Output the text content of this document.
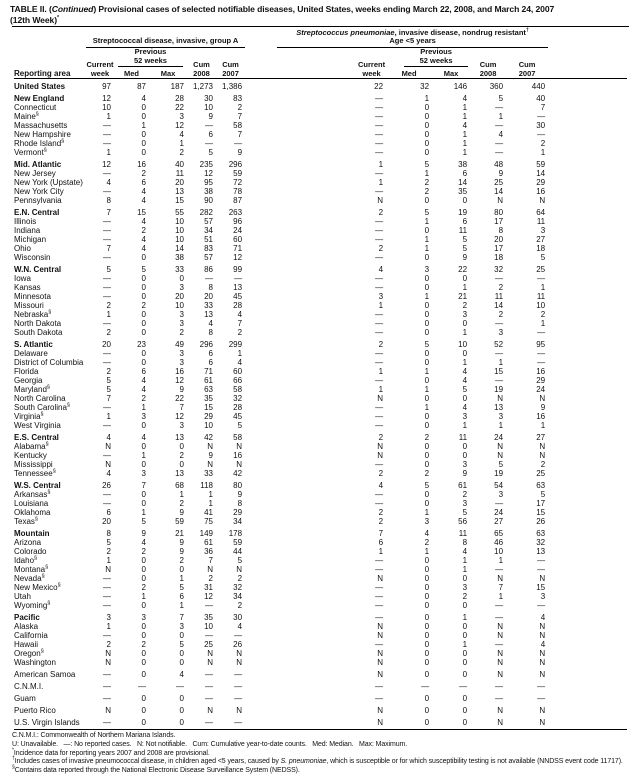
TABLE II. (Continued) Provisional cases of selected notifiable diseases, United States, weeks ending March 22, 2008, and March 24, 2007
(12th Week)*

	Streptococcal disease, invasive, group A					Streptococcus pneumoniae, invasive disease, nondrug resistant†
Age <5 years						

Current
week

Previous
52 weeks	Cum
2008

Cum
2007

Current
week

Previous
52 weeks	Cum
2008

Cum
2007

Reporting area		Med	Max					Med	Max			
United States	97	87	187	1,273	1,386		22	32	146	360	440	
New England	12	4	28	30	83		—	1	4	5	40	
Connecticut	10	0	22	10	2		—	0	1	—	7	
Maine§	1	0	3	9	7		—	0	1	1	—	
Massachusetts	—	1	12	—	58		—	0	4	—	30	
New Hampshire	—	0	4	6	7		—	0	1	4	—	
Rhode Island§	—	0	1	—	—		—	0	1	—	2	
Vermont§	1	0	2	5	9		—	0	1	—	1	
Mid. Atlantic	12	16	40	235	296		1	5	38	48	59	
New Jersey	—	2	11	12	59		—	1	6	9	14	
New York (Upstate)	4	6	20	95	72		1	2	14	25	29	
New York City	—	4	13	38	78		—	2	35	14	16	
Pennsylvania	8	4	15	90	87		N	0	0	N	N	
E.N. Central	7	15	55	282	263		2	5	19	80	64	
Illinois	—	4	10	57	96		—	1	6	17	11	
Indiana	—	2	10	34	24		—	0	11	8	3	
Michigan	—	4	10	51	60		—	1	5	20	27	
Ohio	7	4	14	83	71		2	1	5	17	18	
Wisconsin	—	0	38	57	12		—	0	9	18	5	
W.N. Central	5	5	33	86	99		4	3	22	32	25	
Iowa	—	0	0	—	—		—	0	0	—	—	
Kansas	—	0	3	8	13		—	0	1	2	1	
Minnesota	—	0	20	20	45		3	1	21	11	11	
Missouri	2	2	10	33	28		1	0	2	14	10	
Nebraska§	1	0	3	13	4		—	0	3	2	2	
North Dakota	—	0	3	4	7		—	0	0	—	1	
South Dakota	2	0	2	8	2		—	0	1	3	—	
S. Atlantic	20	23	49	296	299		2	5	10	52	95	
Delaware	—	0	3	6	1		—	0	0	—	—	
District of Columbia	—	0	3	6	4		—	0	1	1	—	
Florida	2	6	16	71	60		1	1	4	15	16	
Georgia	5	4	12	61	66		—	0	4	—	29	
Maryland§	5	4	9	63	58		1	1	5	19	24	
North Carolina	7	2	22	35	32		N	0	0	N	N	
South Carolina§	—	1	7	15	28		—	1	4	13	9	
Virginia§	1	3	12	29	45		—	0	3	3	16	
West Virginia	—	0	3	10	5		—	0	1	1	1	
E.S. Central	4	4	13	42	58		2	2	11	24	27	
Alabama§	N	0	0	N	N		N	0	0	N	N	
Kentucky	—	1	2	9	16		N	0	0	N	N	
Mississippi	N	0	0	N	N		—	0	3	5	2	
Tennessee§	4	3	13	33	42		2	2	9	19	25	
W.S. Central	26	7	68	118	80		4	5	61	54	63	
Arkansas§	—	0	1	1	9		—	0	2	3	5	
Louisiana	—	0	2	1	8		—	0	3	—	17	
Oklahoma	6	1	9	41	29		2	1	5	24	15	
Texas§	20	5	59	75	34		2	3	56	27	26	
Mountain	8	9	21	149	178		7	4	11	65	63	
Arizona	5	4	9	61	59		6	2	8	46	32	
Colorado	2	2	9	36	44		1	1	4	10	13	
Idaho§	1	0	2	7	5		—	0	1	1	—	
Montana§	N	0	0	N	N		—	0	1	—	—	
Nevada§	—	0	1	2	2		N	0	0	N	N	
New Mexico§	—	2	5	31	32		—	0	3	7	15	
Utah	—	1	6	12	34		—	0	2	1	3	
Wyoming§	—	0	1	—	2		—	0	0	—	—	
Pacific	3	3	7	35	30		—	0	1	—	4	
Alaska	1	0	3	10	4		N	0	0	N	N	
California	—	0	0	—	—		N	0	0	N	N	
Hawaii	2	2	5	25	26		—	0	1	—	4	
Oregon§	N	0	0	N	N		N	0	0	N	N	
Washington	N	0	0	N	N		N	0	0	N	N	
American Samoa	—	0	4	—	—		N	0	0	N	N	
C.N.M.I.	—	—	—	—	—		—	—	—	—	—	
Guam	—	0	0	—	—		—	0	0	—	—	
Puerto Rico	N	0	0	N	N		N	0	0	N	N	
U.S. Virgin Islands	—	0	0	—	—		N	0	0	N	N	
C.N.M.I.: Commonwealth of Northern Mariana Islands.
U: Unavailable.   —: No reported cases.   N: Not notifiable.   Cum: Cumulative year-to-date counts.   Med: Median.   Max: Maximum.
*Incidence data for reporting years 2007 and 2008 are provisional.
†Includes cases of invasive pneumococcal disease, in children aged <5 years, caused by S. pneumoniae, which is susceptible or for which susceptibility testing is not available (NNDSS event code 11717).
§Contains data reported through the National Electronic Disease Surveillance System (NEDSS).
